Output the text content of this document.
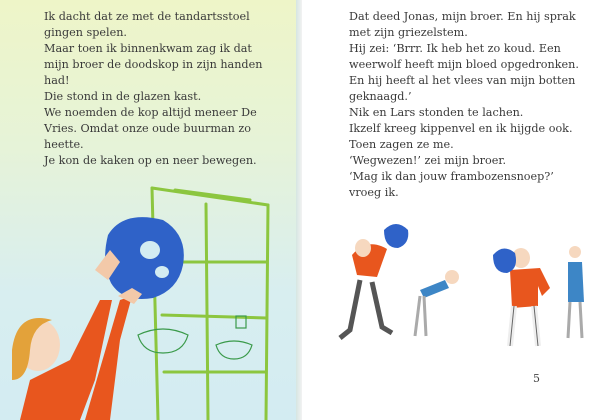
Ik dacht dat ze met de tandartsstoel
gingen spelen.
Maar toen ik binnenkwam zag ik dat
mijn broer de doodskop in zijn handen
had!
Die stond in de glazen kast.
We noemden de kop altijd meneer De
Vries. Omdat onze oude buurman zo
heette.
Je kon de kaken op en neer bewegen.
5
Dat deed Jonas, mijn broer. En hij sprak
met zijn griezelstem.
Hij zei: ‘Brrr. Ik heb het zo koud. Een
weerwolf heeft mijn bloed opgedronken.
En hij heeft al het vlees van mijn botten
geknaagd.’
Nik en Lars stonden te lachen.
Ikzelf kreeg kippenvel en ik hijgde ook.
Toen zagen ze me.
‘Wegwezen!’ zei mijn broer.
‘Mag ik dan jouw frambozensnoep?’
vroeg ik.
